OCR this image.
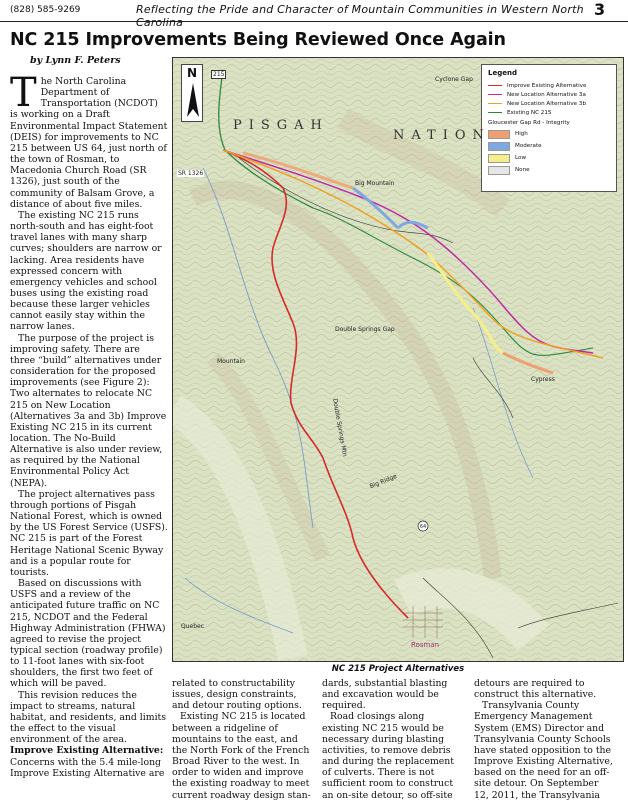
(828) 585-9269	Reflecting the Pride and Character of Mountain Communities in Western North Carolina
3
NC 215 Improvements Being Reviewed Once Again
by Lynn F. Peters

The North Carolina Department of Transportation (NCDOT) is working on a Draft Environmental Impact Statement (DEIS) for improvements to NC 215 between US 64, just north of the town of Rosman, to Macedonia Church Road (SR 1326), just south of the community of Balsam Grove, a distance of about five miles.

The existing NC 215 runs north-south and has eight-foot travel lanes with many sharp curves; shoulders are narrow or lacking. Area residents have expressed concern with emergency vehicles and school buses using the existing road because these larger vehicles cannot easily stay within the narrow lanes.

The purpose of the project is improving safety. There are three “build” alternatives under consideration for the proposed improvements (see Figure 2): Two alternates to relocate NC 215 on New Location (Alternatives 3a and 3b) Improve Existing NC 215 in its current location. The No-Build Alternative is also under review, as required by the National Environmental Policy Act (NEPA).

The project alternatives pass through portions of Pisgah National Forest, which is owned by the US Forest Service (USFS). NC 215 is part of the Forest Heritage National Scenic Byway and is a popular route for tourists.

Based on discussions with USFS and a review of the anticipated future traffic on NC 215, NCDOT and the Federal Highway Administration (FHWA) agreed to revise the project typical section (roadway profile) to 11-foot lanes with six-foot shoulders, the first two feet of which will be paved.

This revision reduces the impact to streams, natural habitat, and residents, and limits the effect to the visual environment of the area.

Improve Existing Alternative: Concerns with the 5.4 mile-long Improve Existing Alternative are

N	Legend
Improve Existing Alternative
New Location Alternative 3a
New Location Alternative 3b
Existing NC 215
Gloucester Gap Rd - Integrity
High
Moderate
Low
None
PISGAH
NATION
215
SR 1326
Big Mountain
Cyclone Gap
Double Springs Gap
Double Springs Mtn
Mountain
Cypress
Big Ridge
64
Rosman
Quebec
NC 215 Project Alternatives

related to constructability issues, design constraints, and detour routing options.

Existing NC 215 is located between a ridgeline of mountains to the east, and the North Fork of the French Broad River to the west. In order to widen and improve the existing roadway to meet current roadway design stan-

dards, substantial blasting and excavation would be required.

Road closings along existing NC 215 would be necessary during blasting activities, to remove debris and during the replacement of culverts. There is not sufficient room to construct an on-site detour, so off-site

detours are required to construct this alternative.

Transylvania County Emergency Management System (EMS) Director and Transylvania County Schools have stated opposition to the Improve Existing Alternative, based on the need for an off-site detour. On September 12, 2011, the Transylvania
